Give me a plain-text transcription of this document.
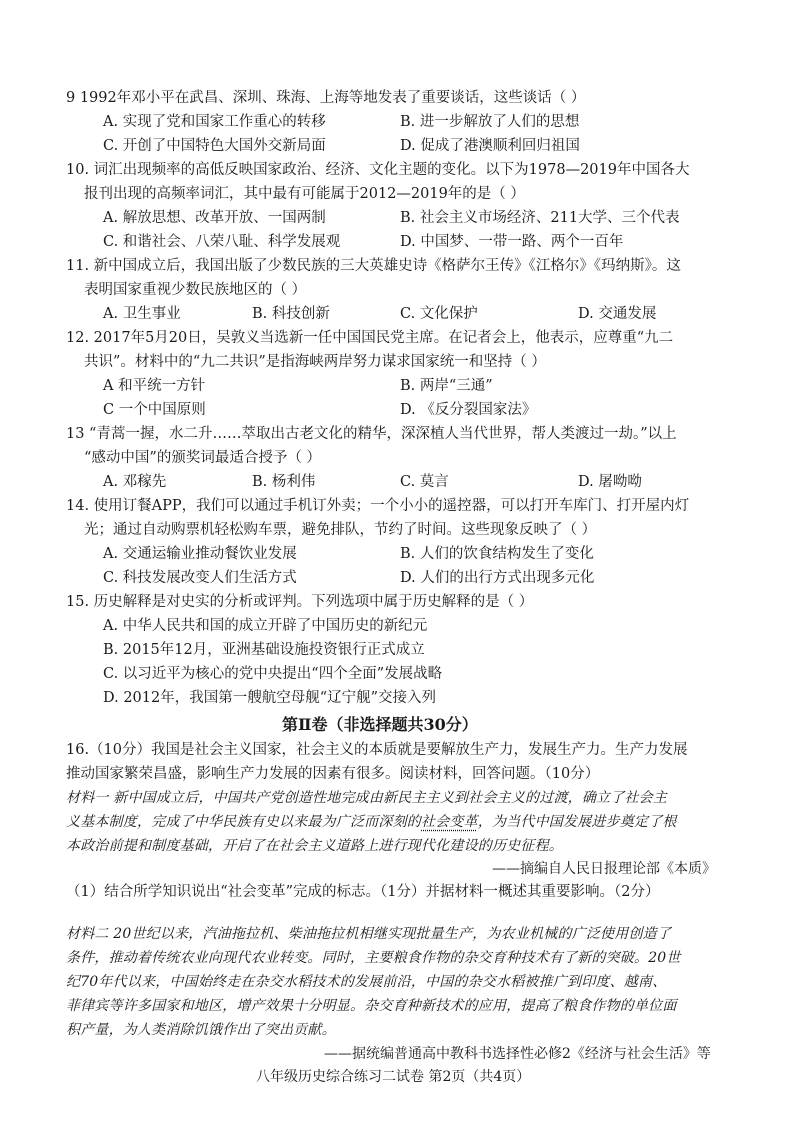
9 1992年邓小平在武昌、深圳、珠海、上海等地发表了重要谈话，这些谈话（ ）
A. 实现了党和国家工作重心的转移	B. 进一步解放了人们的思想
C. 开创了中国特色大国外交新局面	D. 促成了港澳顺利回归祖国
10. 词汇出现频率的高低反映国家政治、经济、文化主题的变化。以下为1978—2019年中国各大
报刊出现的高频率词汇，其中最有可能属于2012—2019年的是（ ）
A. 解放思想、改革开放、一国两制	B. 社会主义市场经济、211大学、三个代表
C. 和谐社会、八荣八耻、科学发展观	D. 中国梦、一带一路、两个一百年
11. 新中国成立后，我国出版了少数民族的三大英雄史诗《格萨尔王传》《江格尔》《玛纳斯》。这
表明国家重视少数民族地区的（ ）
A. 卫生事业	B. 科技创新	C. 文化保护	D. 交通发展
12. 2017年5月20日，吴敦义当选新一任中国国民党主席。在记者会上，他表示，应尊重“九二
共识”。材料中的“九二共识”是指海峡两岸努力谋求国家统一和坚持（ ）
A 和平统一方针	B. 两岸“三通”
C 一个中国原则	D. 《反分裂国家法》
13 “青蒿一握，水二升……萃取出古老文化的精华，深深植人当代世界，帮人类渡过一劫。”以上
“感动中国”的颁奖词最适合授予（ ）
A. 邓稼先	B. 杨利伟	C. 莫言	D. 屠呦呦
14. 使用订餐APP，我们可以通过手机订外卖；一个小小的遥控器，可以打开车库门、打开屋内灯
光；通过自动购票机轻松购车票，避免排队，节约了时间。这些现象反映了（ ）
A. 交通运输业推动餐饮业发展	B. 人们的饮食结构发生了变化
C. 科技发展改变人们生活方式	D. 人们的出行方式出现多元化
15. 历史解释是对史实的分析或评判。下列选项中属于历史解释的是（ ）
A. 中华人民共和国的成立开辟了中国历史的新纪元
B. 2015年12月，亚洲基础设施投资银行正式成立
C. 以习近平为核心的党中央提出“四个全面”发展战略
D. 2012年，我国第一艘航空母舰“辽宁舰”交接入列
第Ⅱ卷（非选择题共30分）
16.（10分）我国是社会主义国家，社会主义的本质就是要解放生产力，发展生产力。生产力发展
推动国家繁荣昌盛，影响生产力发展的因素有很多。阅读材料，回答问题。（10分）
材料一 新中国成立后，中国共产党创造性地完成由新民主主义到社会主义的过渡，确立了社会主
义基本制度，完成了中华民族有史以来最为广泛而深刻的社会变革，为当代中国发展进步奠定了根
本政治前提和制度基础，开启了在社会主义道路上进行现代化建设的历史征程。
——摘编自人民日报理论部《本质》
（1）结合所学知识说出“社会变革”完成的标志。（1分）并据材料一概述其重要影响。（2分）
材料二 20世纪以来，汽油拖拉机、柴油拖拉机相继实现批量生产，为农业机械的广泛使用创造了
条件，推动着传统农业向现代农业转变。同时，主要粮食作物的杂交育种技术有了新的突破。20世
纪70年代以来，中国始终走在杂交水稻技术的发展前沿，中国的杂交水稻被推广到印度、越南、
菲律宾等许多国家和地区，增产效果十分明显。杂交育种新技术的应用，提高了粮食作物的单位面
积产量，为人类消除饥饿作出了突出贡献。
——据统编普通高中教科书选择性必修2《经济与社会生活》等
八年级历史综合练习二试卷 第2页（共4页）
